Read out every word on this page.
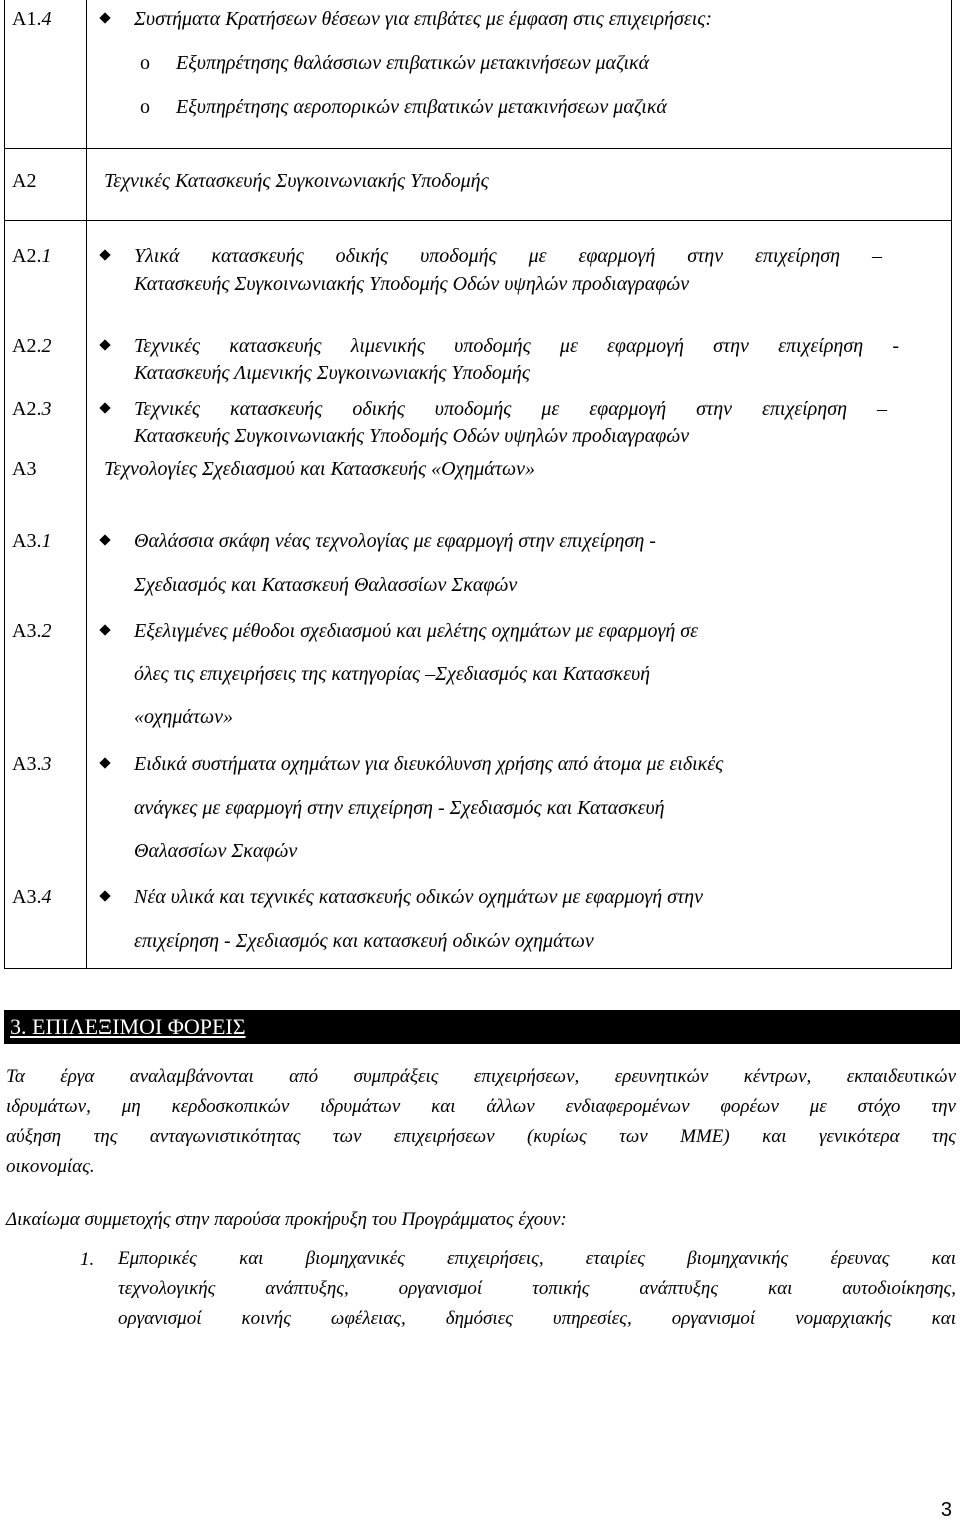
A1.4	Συστήματα Κρατήσεων θέσεων για επιβάτες με έμφαση στις επιχειρήσεις:
o Εξυπηρέτησης θαλάσσιων επιβατικών μετακινήσεων μαζικά
o Εξυπηρέτησης αεροπορικών επιβατικών μετακινήσεων μαζικά
A2	Τεχνικές Κατασκευής Συγκοινωνιακής Υποδομής
A2.1	Υλικά κατασκευής οδικής υποδομής με εφαρμογή στην επιχείρηση –
Κατασκευής Συγκοινωνιακής Υποδομής Οδών υψηλών προδιαγραφών
A2.2	Τεχνικές κατασκευής λιμενικής υποδομής με εφαρμογή στην επιχείρηση -
Κατασκευής Λιμενικής Συγκοινωνιακής Υποδομής
A2.3	Τεχνικές κατασκευής οδικής υποδομής με εφαρμογή στην επιχείρηση –
Κατασκευής Συγκοινωνιακής Υποδομής Οδών υψηλών προδιαγραφών
A3	Τεχνολογίες Σχεδιασμού και Κατασκευής «Οχημάτων»
A3.1	Θαλάσσια σκάφη νέας τεχνολογίας με εφαρμογή στην επιχείρηση -
Σχεδιασμός και Κατασκευή Θαλασσίων Σκαφών
A3.2	Εξελιγμένες μέθοδοι σχεδιασμού και μελέτης οχημάτων με εφαρμογή σε
όλες τις επιχειρήσεις της κατηγορίας –Σχεδιασμός και Κατασκευή
«οχημάτων»
A3.3	Ειδικά συστήματα οχημάτων για διευκόλυνση χρήσης από άτομα με ειδικές
ανάγκες με εφαρμογή στην επιχείρηση - Σχεδιασμός και Κατασκευή
Θαλασσίων Σκαφών
A3.4	Νέα υλικά και τεχνικές κατασκευής οδικών οχημάτων με εφαρμογή στην
επιχείρηση - Σχεδιασμός και κατασκευή οδικών οχημάτων
3. ΕΠΙΛΕΞΙΜΟΙ ΦΟΡΕΙΣ
Τα έργα αναλαμβάνονται από συμπράξεις επιχειρήσεων, ερευνητικών κέντρων, εκπαιδευτικών
ιδρυμάτων, μη κερδοσκοπικών ιδρυμάτων και άλλων ενδιαφερομένων φορέων με στόχο την
αύξηση της ανταγωνιστικότητας των επιχειρήσεων (κυρίως των ΜΜΕ) και γενικότερα της
οικονομίας.
Δικαίωμα συμμετοχής στην παρούσα προκήρυξη του Προγράμματος έχουν:
1. Εμπορικές και βιομηχανικές επιχειρήσεις, εταιρίες βιομηχανικής έρευνας και
τεχνολογικής ανάπτυξης, οργανισμοί τοπικής ανάπτυξης και αυτοδιοίκησης,
οργανισμοί κοινής ωφέλειας, δημόσιες υπηρεσίες, οργανισμοί νομαρχιακής και
3
